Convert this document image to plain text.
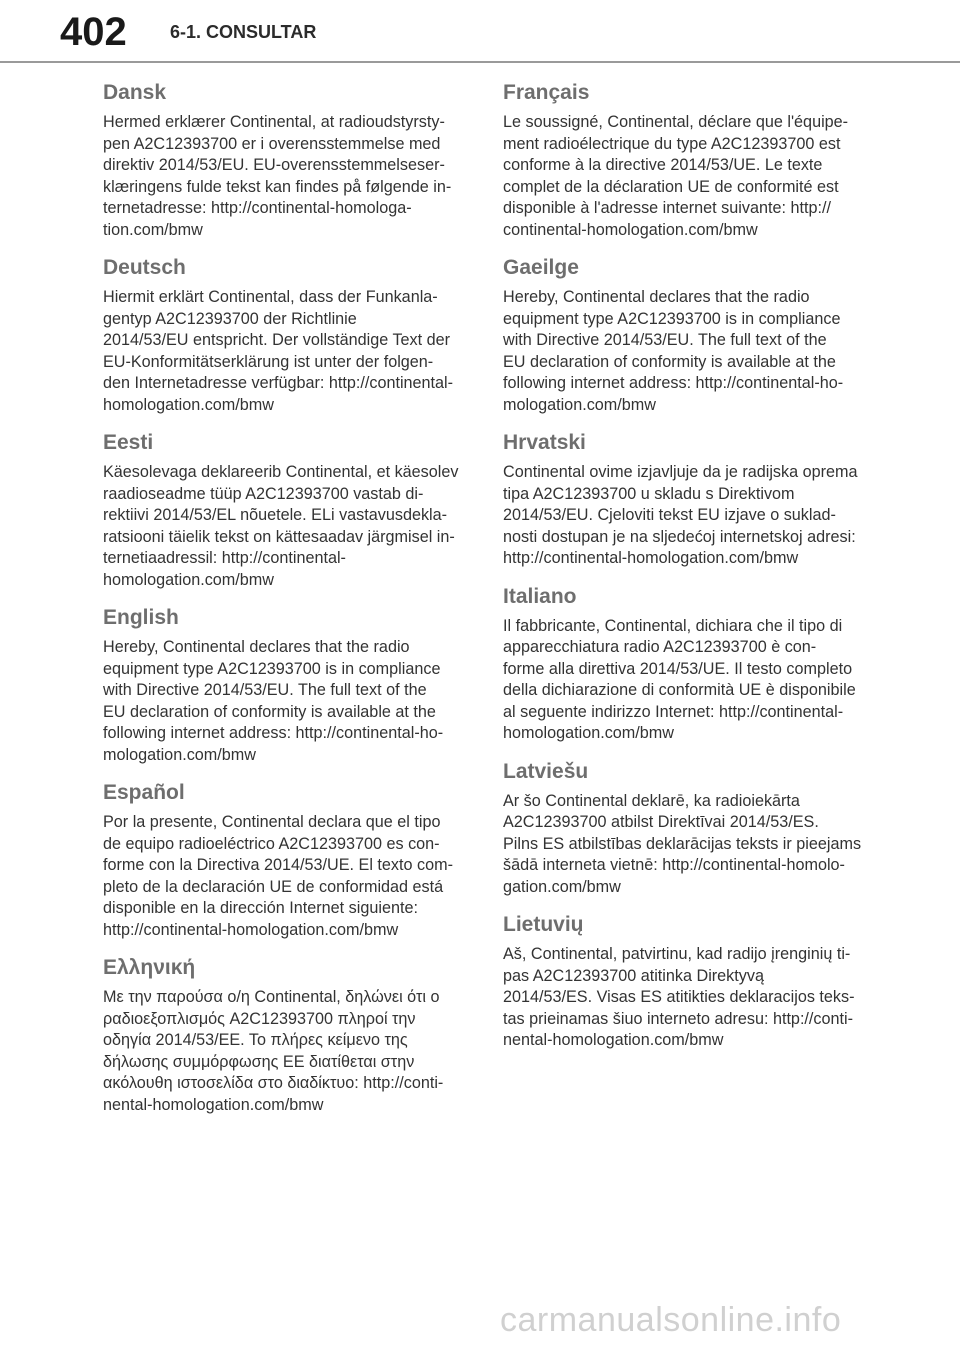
402 6-1. CONSULTAR
Dansk

Hermed erklærer Continental, at radioudstyrsty-
pen A2C12393700 er i overensstemmelse med
direktiv 2014/53/EU. EU-overensstemmelseser-
klæringens fulde tekst kan findes på følgende in-
ternetadresse: http://continental-homologa-
tion.com/bmw

Deutsch

Hiermit erklärt Continental, dass der Funkanla-
gentyp A2C12393700 der Richtlinie
2014/53/EU entspricht. Der vollständige Text der
EU-Konformitätserklärung ist unter der folgen-
den Internetadresse verfügbar: http://continental-
homologation.com/bmw

Eesti

Käesolevaga deklareerib Continental, et käesolev
raadioseadme tüüp A2C12393700 vastab di-
rektiivi 2014/53/EL nõuetele. ELi vastavusdekla-
ratsiooni täielik tekst on kättesaadav järgmisel in-
ternetiaadressil: http://continental-
homologation.com/bmw

English

Hereby, Continental declares that the radio
equipment type A2C12393700 is in compliance
with Directive 2014/53/EU. The full text of the
EU declaration of conformity is available at the
following internet address: http://continental-ho-
mologation.com/bmw

Español

Por la presente, Continental declara que el tipo
de equipo radioeléctrico A2C12393700 es con-
forme con la Directiva 2014/53/UE. El texto com-
pleto de la declaración UE de conformidad está
disponible en la dirección Internet siguiente:
http://continental-homologation.com/bmw

Ελληνική

Με την παρούσα ο/η Continental, δηλώνει ότι ο
ραδιοεξοπλισμός A2C12393700 πληροί την
οδηγία 2014/53/ΕΕ. Το πλήρες κείμενο της
δήλωσης συμμόρφωσης ΕΕ διατίθεται στην
ακόλουθη ιστοσελίδα στο διαδίκτυο: http://conti-
nental-homologation.com/bmw

Français

Le soussigné, Continental, déclare que l'équipe-
ment radioélectrique du type A2C12393700 est
conforme à la directive 2014/53/UE. Le texte
complet de la déclaration UE de conformité est
disponible à l'adresse internet suivante: http://
continental-homologation.com/bmw

Gaeilge

Hereby, Continental declares that the radio
equipment type A2C12393700 is in compliance
with Directive 2014/53/EU. The full text of the
EU declaration of conformity is available at the
following internet address: http://continental-ho-
mologation.com/bmw

Hrvatski

Continental ovime izjavljuje da je radijska oprema
tipa A2C12393700 u skladu s Direktivom
2014/53/EU. Cjeloviti tekst EU izjave o suklad-
nosti dostupan je na sljedećoj internetskoj adresi:
http://continental-homologation.com/bmw

Italiano

Il fabbricante, Continental, dichiara che il tipo di
apparecchiatura radio A2C12393700 è con-
forme alla direttiva 2014/53/UE. Il testo completo
della dichiarazione di conformità UE è disponibile
al seguente indirizzo Internet: http://continental-
homologation.com/bmw

Latviešu

Ar šo Continental deklarē, ka radioiekārta
A2C12393700 atbilst Direktīvai 2014/53/ES.
Pilns ES atbilstības deklarācijas teksts ir pieejams
šādā interneta vietnē: http://continental-homolo-
gation.com/bmw

Lietuvių

Aš, Continental, patvirtinu, kad radijo įrenginių ti-
pas A2C12393700 atitinka Direktyvą
2014/53/ES. Visas ES atitikties deklaracijos teks-
tas prieinamas šiuo interneto adresu: http://conti-
nental-homologation.com/bmw

carmanualsonline.info
